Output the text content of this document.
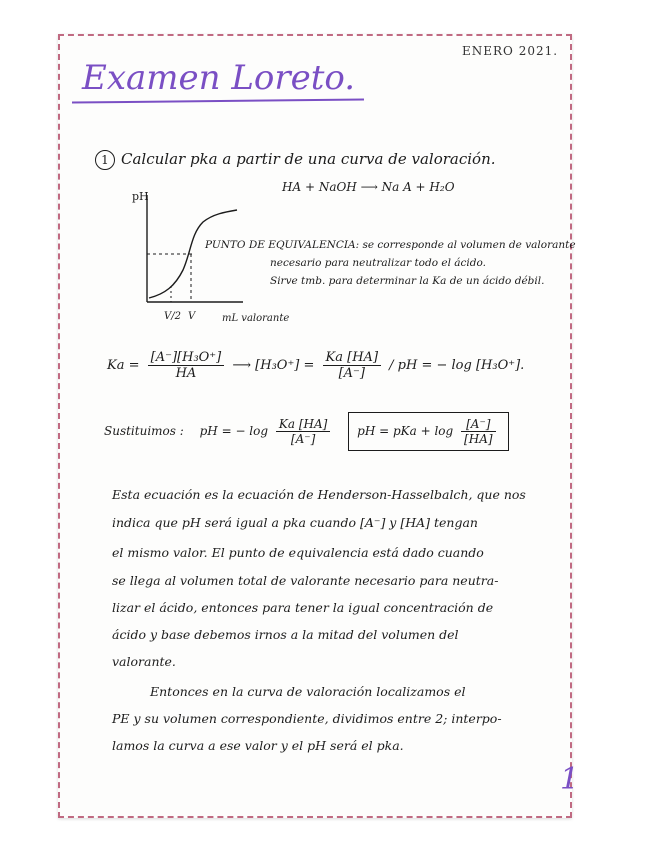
ENERO 2021.
Examen Loreto.
1 Calcular pka a partir de una curva de valoración.
HA + NaOH ⟶ Na A + H₂O
pH
V/2 V	mL valorante
PUNTO DE EQUIVALENCIA: se corresponde al volumen de valorante
necesario para neutralizar todo el ácido.
Sirve tmb. para determinar la Ka de un ácido débil.
$Ka = \frac{\text{[A⁻][H₃O⁺]}}{HA}$ ⟶ $[H_3O^+] = \frac{Ka [HA]}{[A^-]}$ / pH = − log [H₃O⁺].
Sustituimos : pH = − $\log \frac{Ka [HA]}{[A^-]}$ pH = pKa + $\log \frac{[A^-]}{[HA]}$
Esta ecuación es la ecuación de Henderson-Hasselbalch, que nos
indica que pH será igual a pka cuando [A⁻] y [HA] tengan
el mismo valor. El punto de equivalencia está dado cuando
se llega al volumen total de valorante necesario para neutra-
lizar el ácido, entonces para tener la igual concentración de
ácido y base debemos irnos a la mitad del volumen del
valorante.
Entonces en la curva de valoración localizamos el
PE y su volumen correspondiente, dividimos entre 2; interpo-
lamos la curva a ese valor y el pH será el pka.
1
